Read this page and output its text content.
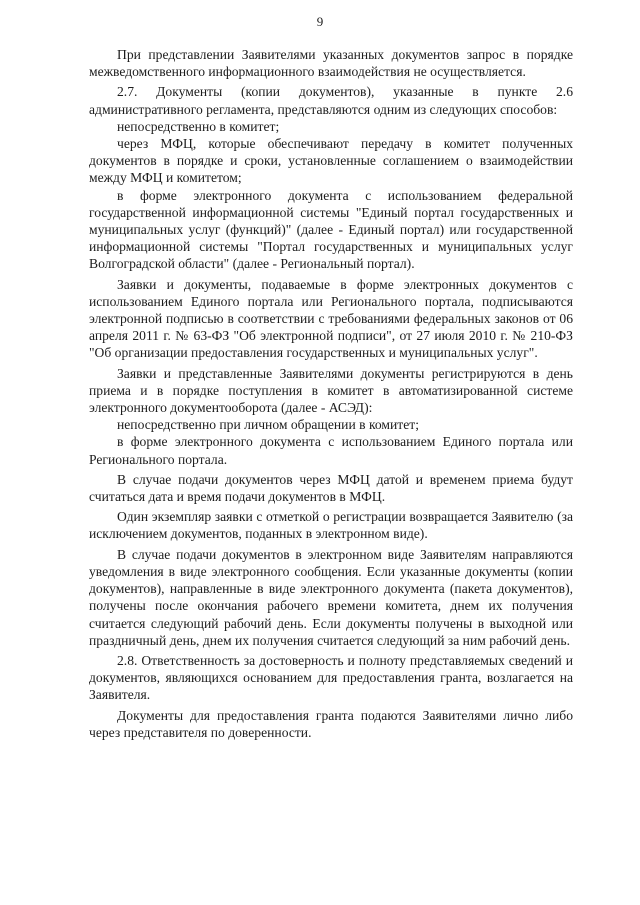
9

При представлении Заявителями указанных документов запрос в порядке межведомственного информационного взаимодействия не осуществляется.

2.7. Документы (копии документов), указанные в пункте 2.6 административного регламента, представляются одним из следующих способов:

непосредственно в комитет;

через МФЦ, которые обеспечивают передачу в комитет полученных документов в порядке и сроки, установленные соглашением о взаимодействии между МФЦ и комитетом;

в форме электронного документа с использованием федеральной государственной информационной системы "Единый портал государственных и муниципальных услуг (функций)" (далее - Единый портал) или государственной информационной системы "Портал государственных и муниципальных услуг Волгоградской области" (далее - Региональный портал).

Заявки и документы, подаваемые в форме электронных документов с использованием Единого портала или Регионального портала, подписываются электронной подписью в соответствии с требованиями федеральных законов от 06 апреля 2011 г. № 63-ФЗ "Об электронной подписи", от 27 июля 2010 г. № 210-ФЗ "Об организации предоставления государственных и муниципальных услуг".

Заявки и представленные Заявителями документы регистрируются в день приема и в порядке поступления в комитет в автоматизированной системе электронного документооборота (далее - АСЭД):

непосредственно при личном обращении в комитет;

в форме электронного документа с использованием Единого портала или Регионального портала.

В случае подачи документов через МФЦ датой и временем приема будут считаться дата и время подачи документов в МФЦ.

Один экземпляр заявки с отметкой о регистрации возвращается Заявителю (за исключением документов, поданных в электронном виде).

В случае подачи документов в электронном виде Заявителям направляются уведомления в виде электронного сообщения. Если указанные документы (копии документов), направленные в виде электронного документа (пакета документов), получены после окончания рабочего времени комитета, днем их получения считается следующий рабочий день. Если документы получены в выходной или праздничный день, днем их получения считается следующий за ним рабочий день.

2.8. Ответственность за достоверность и полноту представляемых сведений и документов, являющихся основанием для предоставления гранта, возлагается на Заявителя.

Документы для предоставления гранта подаются Заявителями лично либо через представителя по доверенности.
